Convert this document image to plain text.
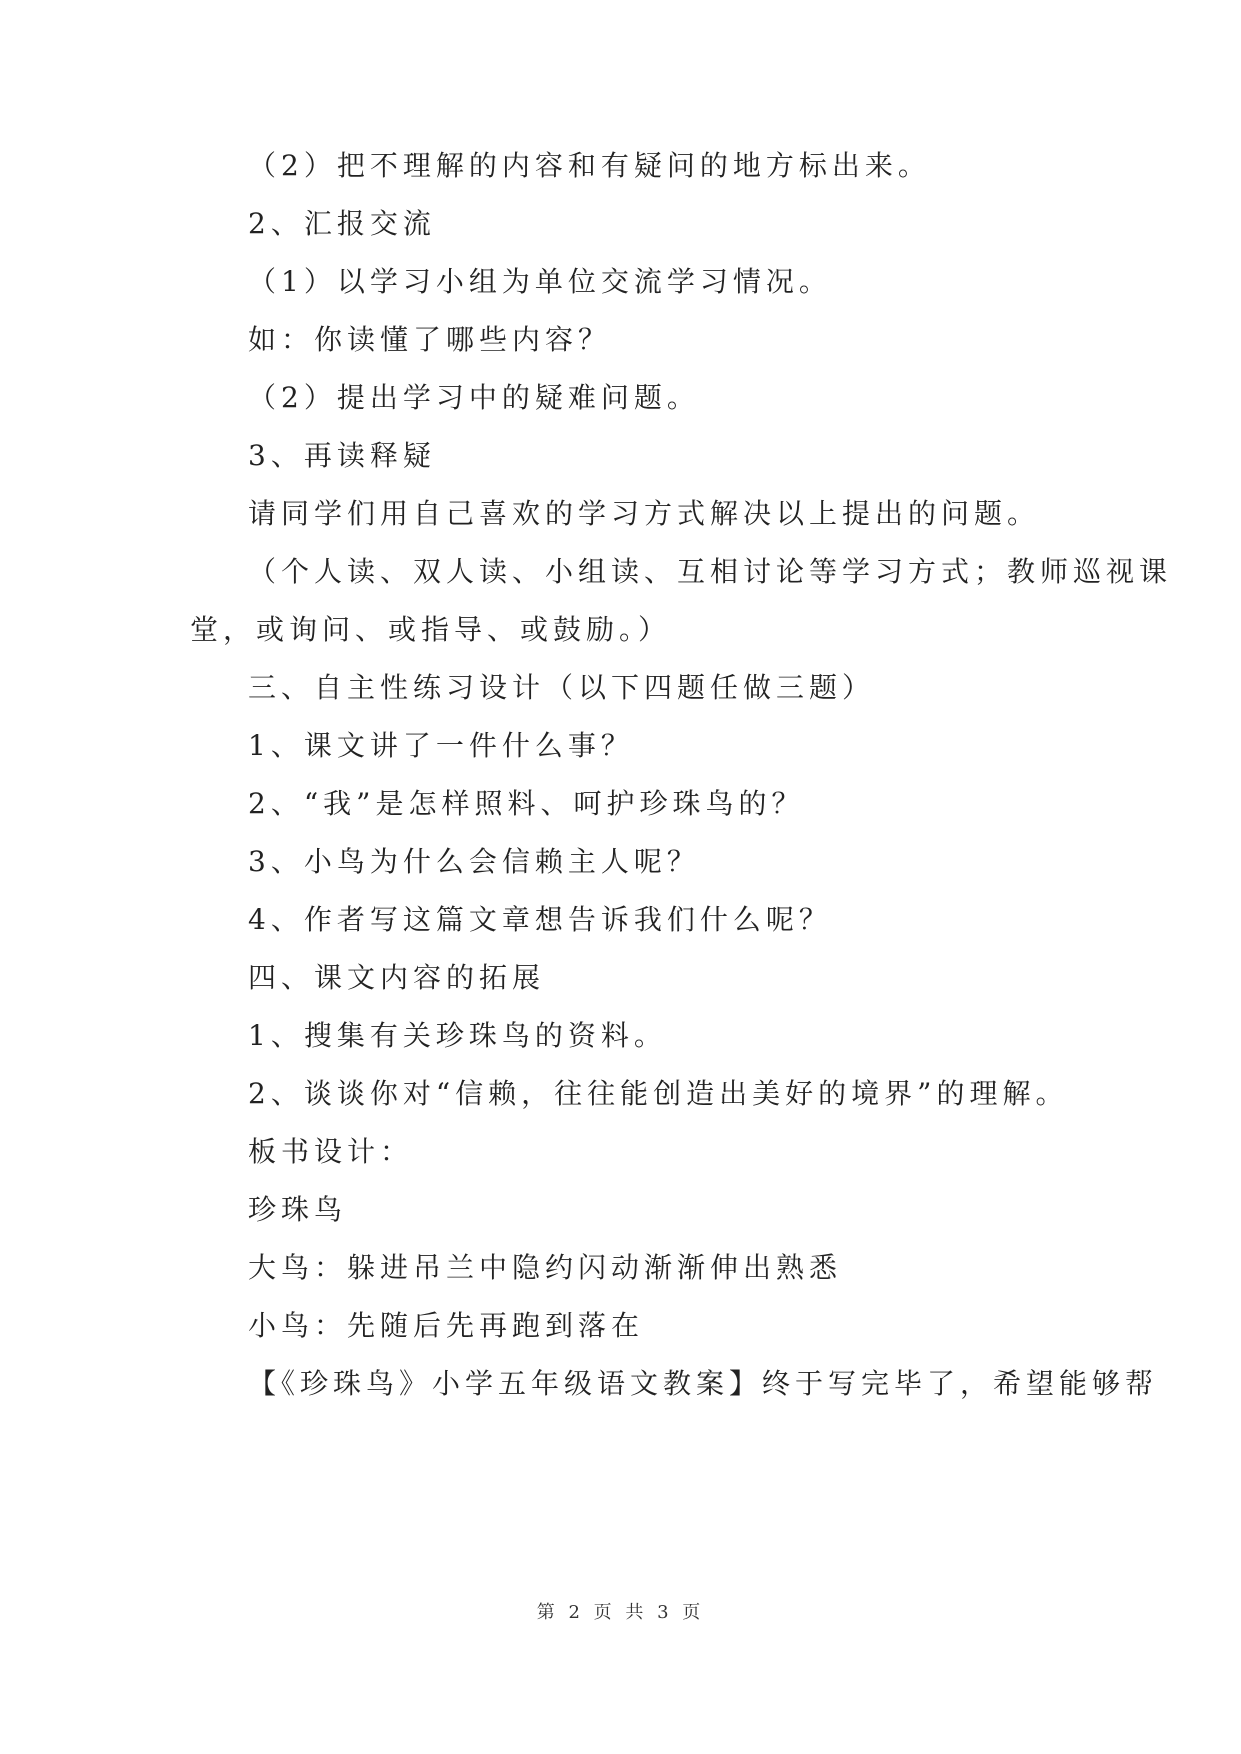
（2）把不理解的内容和有疑问的地方标出来。
2、汇报交流
（1）以学习小组为单位交流学习情况。
如：你读懂了哪些内容？
（2）提出学习中的疑难问题。
3、再读释疑
请同学们用自己喜欢的学习方式解决以上提出的问题。
（个人读、双人读、小组读、互相讨论等学习方式；教师巡视课
堂，或询问、或指导、或鼓励。）
三、自主性练习设计（以下四题任做三题）
1、课文讲了一件什么事？
2、“我”是怎样照料、呵护珍珠鸟的？
3、小鸟为什么会信赖主人呢？
4、作者写这篇文章想告诉我们什么呢？
四、课文内容的拓展
1、搜集有关珍珠鸟的资料。
2、谈谈你对“信赖，往往能创造出美好的境界”的理解。
板书设计：
珍珠鸟
大鸟：躲进吊兰中隐约闪动渐渐伸出熟悉
小鸟：先随后先再跑到落在
【《珍珠鸟》小学五年级语文教案】终于写完毕了，希望能够帮
第 2 页 共 3 页
